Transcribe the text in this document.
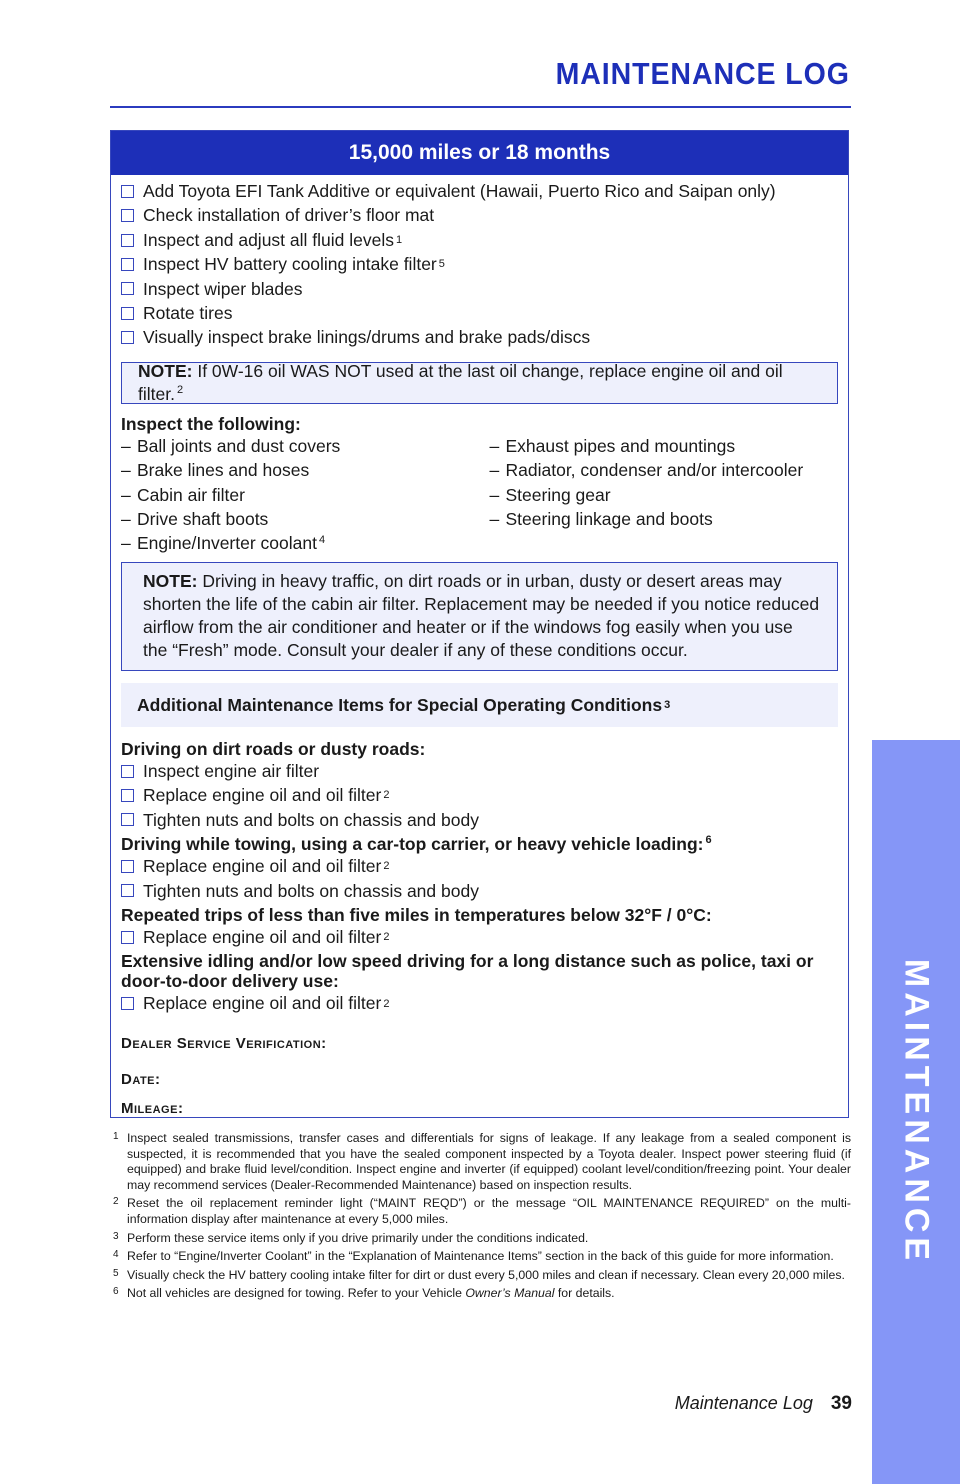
MAINTENANCE LOG
MAINTENANCE
15,000 miles or 18 months
Add Toyota EFI Tank Additive or equivalent (Hawaii, Puerto Rico and Saipan only)
Check installation of driver’s floor mat
Inspect and adjust all fluid levels 1
Inspect HV battery cooling intake filter 5
Inspect wiper blades
Rotate tires
Visually inspect brake linings/drums and brake pads/discs
NOTE: If 0W-16 oil WAS NOT used at the last oil change, replace engine oil and oil filter. $^2$
Inspect the following:
– Ball joints and dust covers
– Brake lines and hoses
– Cabin air filter
– Drive shaft boots
– Engine/Inverter coolant $^4$
– Exhaust pipes and mountings
– Radiator, condenser and/or intercooler
– Steering gear
– Steering linkage and boots
NOTE: Driving in heavy traffic, on dirt roads or in urban, dusty or desert areas may shorten the life of the cabin air filter. Replacement may be needed if you notice reduced airflow from the air conditioner and heater or if the windows fog easily when you use the “Fresh” mode. Consult your dealer if any of these conditions occur.
Additional Maintenance Items for Special Operating Conditions 3
Driving on dirt roads or dusty roads:
Inspect engine air filter
Replace engine oil and oil filter 2
Tighten nuts and bolts on chassis and body
Driving while towing, using a car-top carrier, or heavy vehicle loading: $^6$
Replace engine oil and oil filter 2
Tighten nuts and bolts on chassis and body
Repeated trips of less than five miles in temperatures below 32°F / 0°C:
Replace engine oil and oil filter 2
Extensive idling and/or low speed driving for a long distance such as police, taxi or door-to-door delivery use:
Replace engine oil and oil filter 2
Dealer Service Verification:
Date:
Mileage:
1 Inspect sealed transmissions, transfer cases and differentials for signs of leakage. If any leakage from a sealed component is suspected, it is recommended that you have the sealed component inspected by a Toyota dealer. Inspect power steering fluid (if equipped) and brake fluid level/condition. Inspect engine and inverter (if equipped) coolant level/condition/freezing point. Your dealer may recommend services (Dealer-Recommended Maintenance) based on inspection results.
2 Reset the oil replacement reminder light (“MAINT REQD”) or the message “OIL MAINTENANCE REQUIRED” on the multi-information display after maintenance at every 5,000 miles.
3 Perform these service items only if you drive primarily under the conditions indicated.
4 Refer to “Engine/Inverter Coolant” in the “Explanation of Maintenance Items” section in the back of this guide for more information.
5 Visually check the HV battery cooling intake filter for dirt or dust every 5,000 miles and clean if necessary. Clean every 20,000 miles.
6 Not all vehicles are designed for towing. Refer to your Vehicle Owner’s Manual for details.
Maintenance Log 39
